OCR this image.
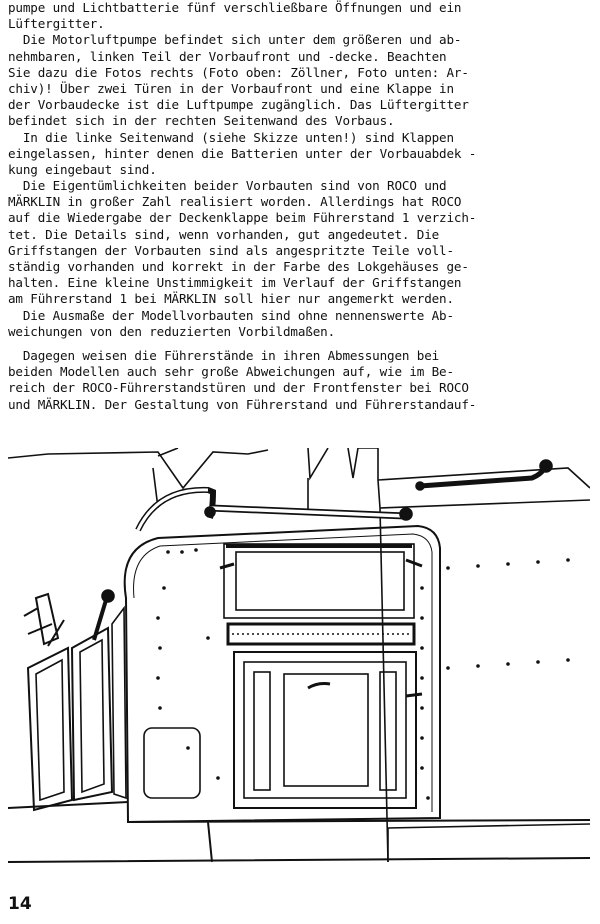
pumpe und Lichtbatterie fünf verschließbare Öffnungen und ein
Lüftergitter.
Die Motorluftpumpe befindet sich unter dem größeren und ab-
nehmbaren, linken Teil der Vorbaufront und -decke. Beachten
Sie dazu die Fotos rechts (Foto oben: Zöllner, Foto unten: Ar-
chiv)! Über zwei Türen in der Vorbaufront und eine Klappe in
der Vorbaudecke ist die Luftpumpe zugänglich. Das Lüftergitter
befindet sich in der rechten Seitenwand des Vorbaus.
In die linke Seitenwand (siehe Skizze unten!) sind Klappen
eingelassen, hinter denen die Batterien unter der Vorbauabdek -
kung eingebaut sind.
Die Eigentümlichkeiten beider Vorbauten sind von ROCO und
MÄRKLIN in großer Zahl realisiert worden. Allerdings hat ROCO
auf die Wiedergabe der Deckenklappe beim Führerstand 1 verzich-
tet. Die Details sind, wenn vorhanden, gut angedeutet. Die
Griffstangen der Vorbauten sind als angespritzte Teile voll-
ständig vorhanden und korrekt in der Farbe des Lokgehäuses ge-
halten. Eine kleine Unstimmigkeit im Verlauf der Griffstangen
am Führerstand 1 bei MÄRKLIN soll hier nur angemerkt werden.
Die Ausmaße der Modellvorbauten sind ohne nennenswerte Ab-
weichungen von den reduzierten Vorbildmaßen.
Dagegen weisen die Führerstände in ihren Abmessungen bei
beiden Modellen auch sehr große Abweichungen auf, wie im Be-
reich der ROCO-Führerstandstüren und der Frontfenster bei ROCO
und MÄRKLIN. Der Gestaltung von Führerstand und Führerstandauf-
14
